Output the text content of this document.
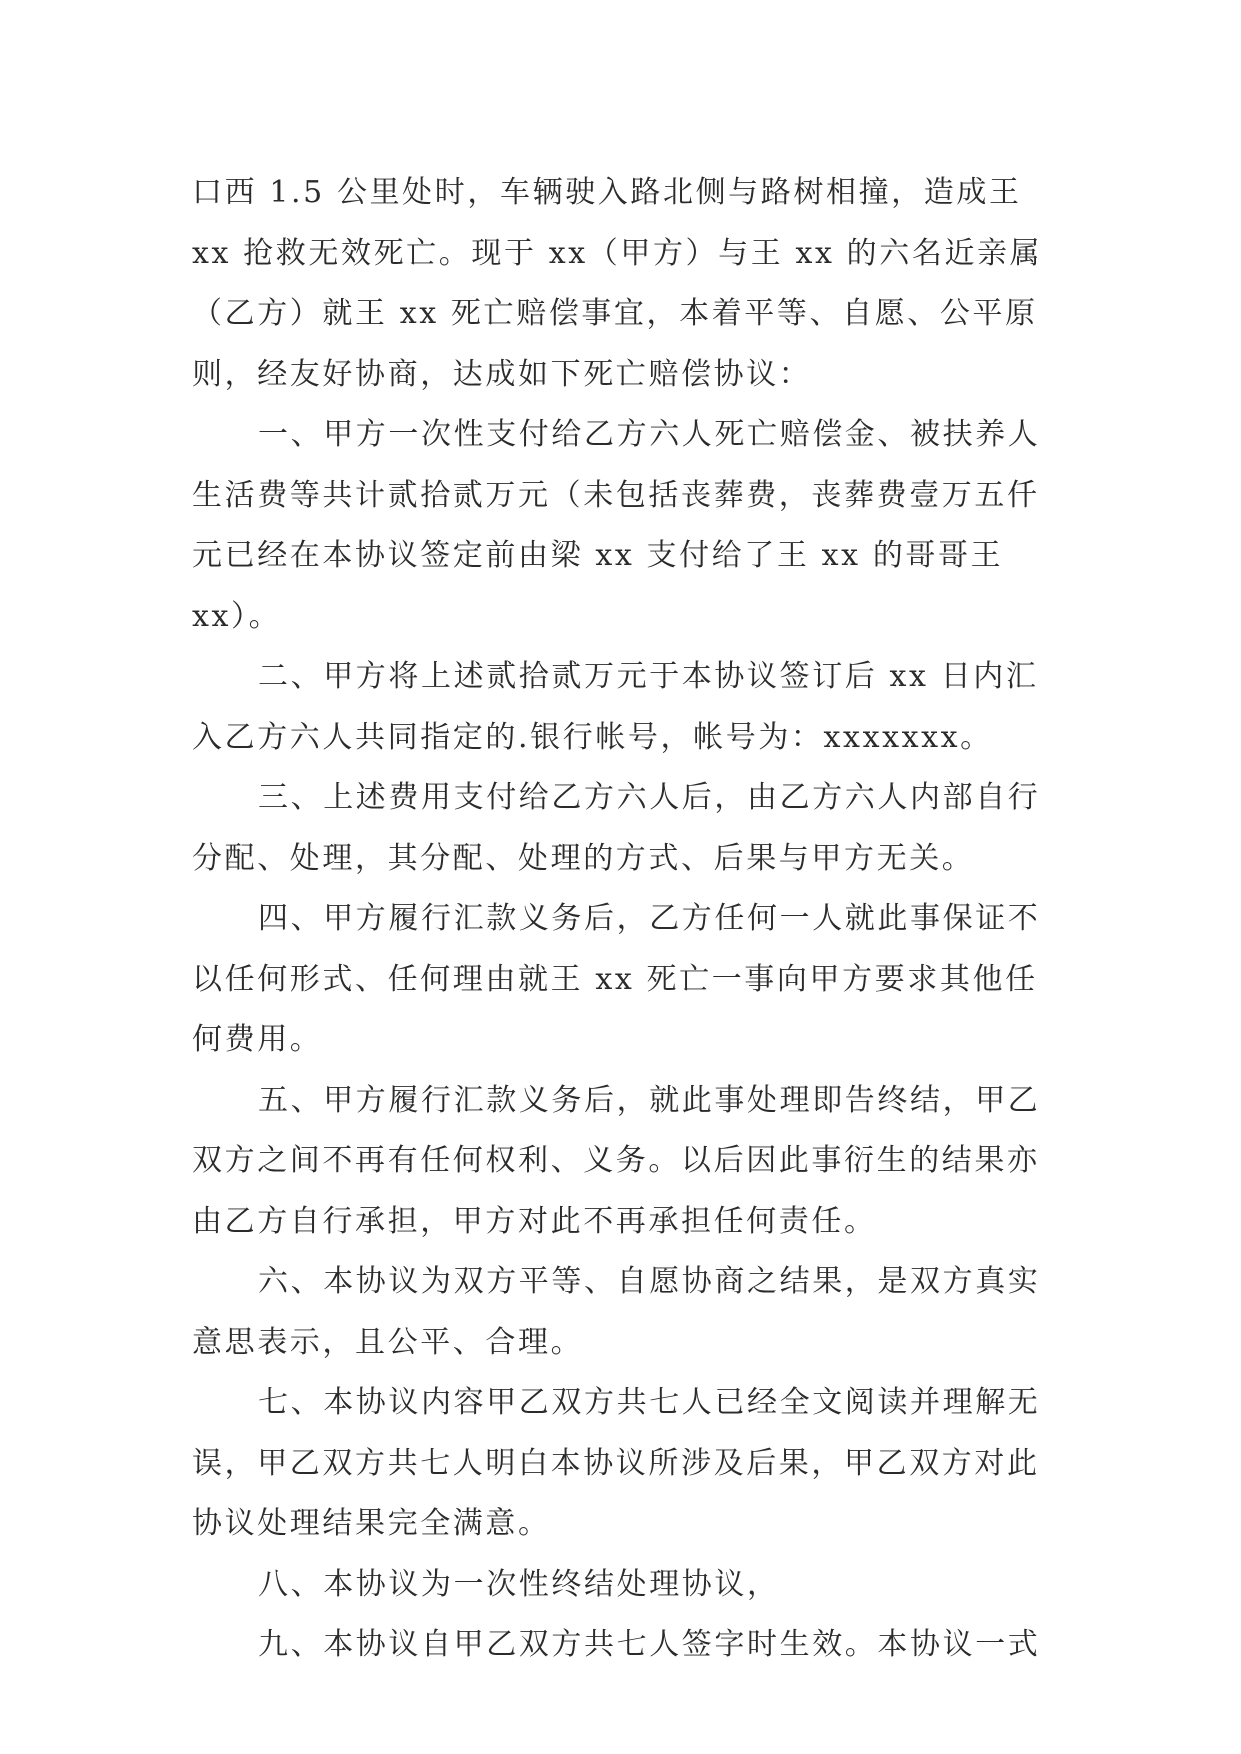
口西 1.5 公里处时，车辆驶入路北侧与路树相撞，造成王 xx 抢救无效死亡。现于 xx（甲方）与王 xx 的六名近亲属（乙方）就王 xx 死亡赔偿事宜，本着平等、自愿、公平原则，经友好协商，达成如下死亡赔偿协议：

一、甲方一次性支付给乙方六人死亡赔偿金、被扶养人生活费等共计贰拾贰万元（未包括丧葬费，丧葬费壹万五仟元已经在本协议签定前由梁 xx 支付给了王 xx 的哥哥王 xx）。

二、甲方将上述贰拾贰万元于本协议签订后 xx 日内汇入乙方六人共同指定的.银行帐号，帐号为：xxxxxxx。

三、上述费用支付给乙方六人后，由乙方六人内部自行分配、处理，其分配、处理的方式、后果与甲方无关。

四、甲方履行汇款义务后，乙方任何一人就此事保证不以任何形式、任何理由就王 xx 死亡一事向甲方要求其他任何费用。

五、甲方履行汇款义务后，就此事处理即告终结，甲乙双方之间不再有任何权利、义务。以后因此事衍生的结果亦由乙方自行承担，甲方对此不再承担任何责任。

六、本协议为双方平等、自愿协商之结果，是双方真实意思表示，且公平、合理。

七、本协议内容甲乙双方共七人已经全文阅读并理解无误，甲乙双方共七人明白本协议所涉及后果，甲乙双方对此协议处理结果完全满意。

八、本协议为一次性终结处理协议，

九、本协议自甲乙双方共七人签字时生效。本协议一式
